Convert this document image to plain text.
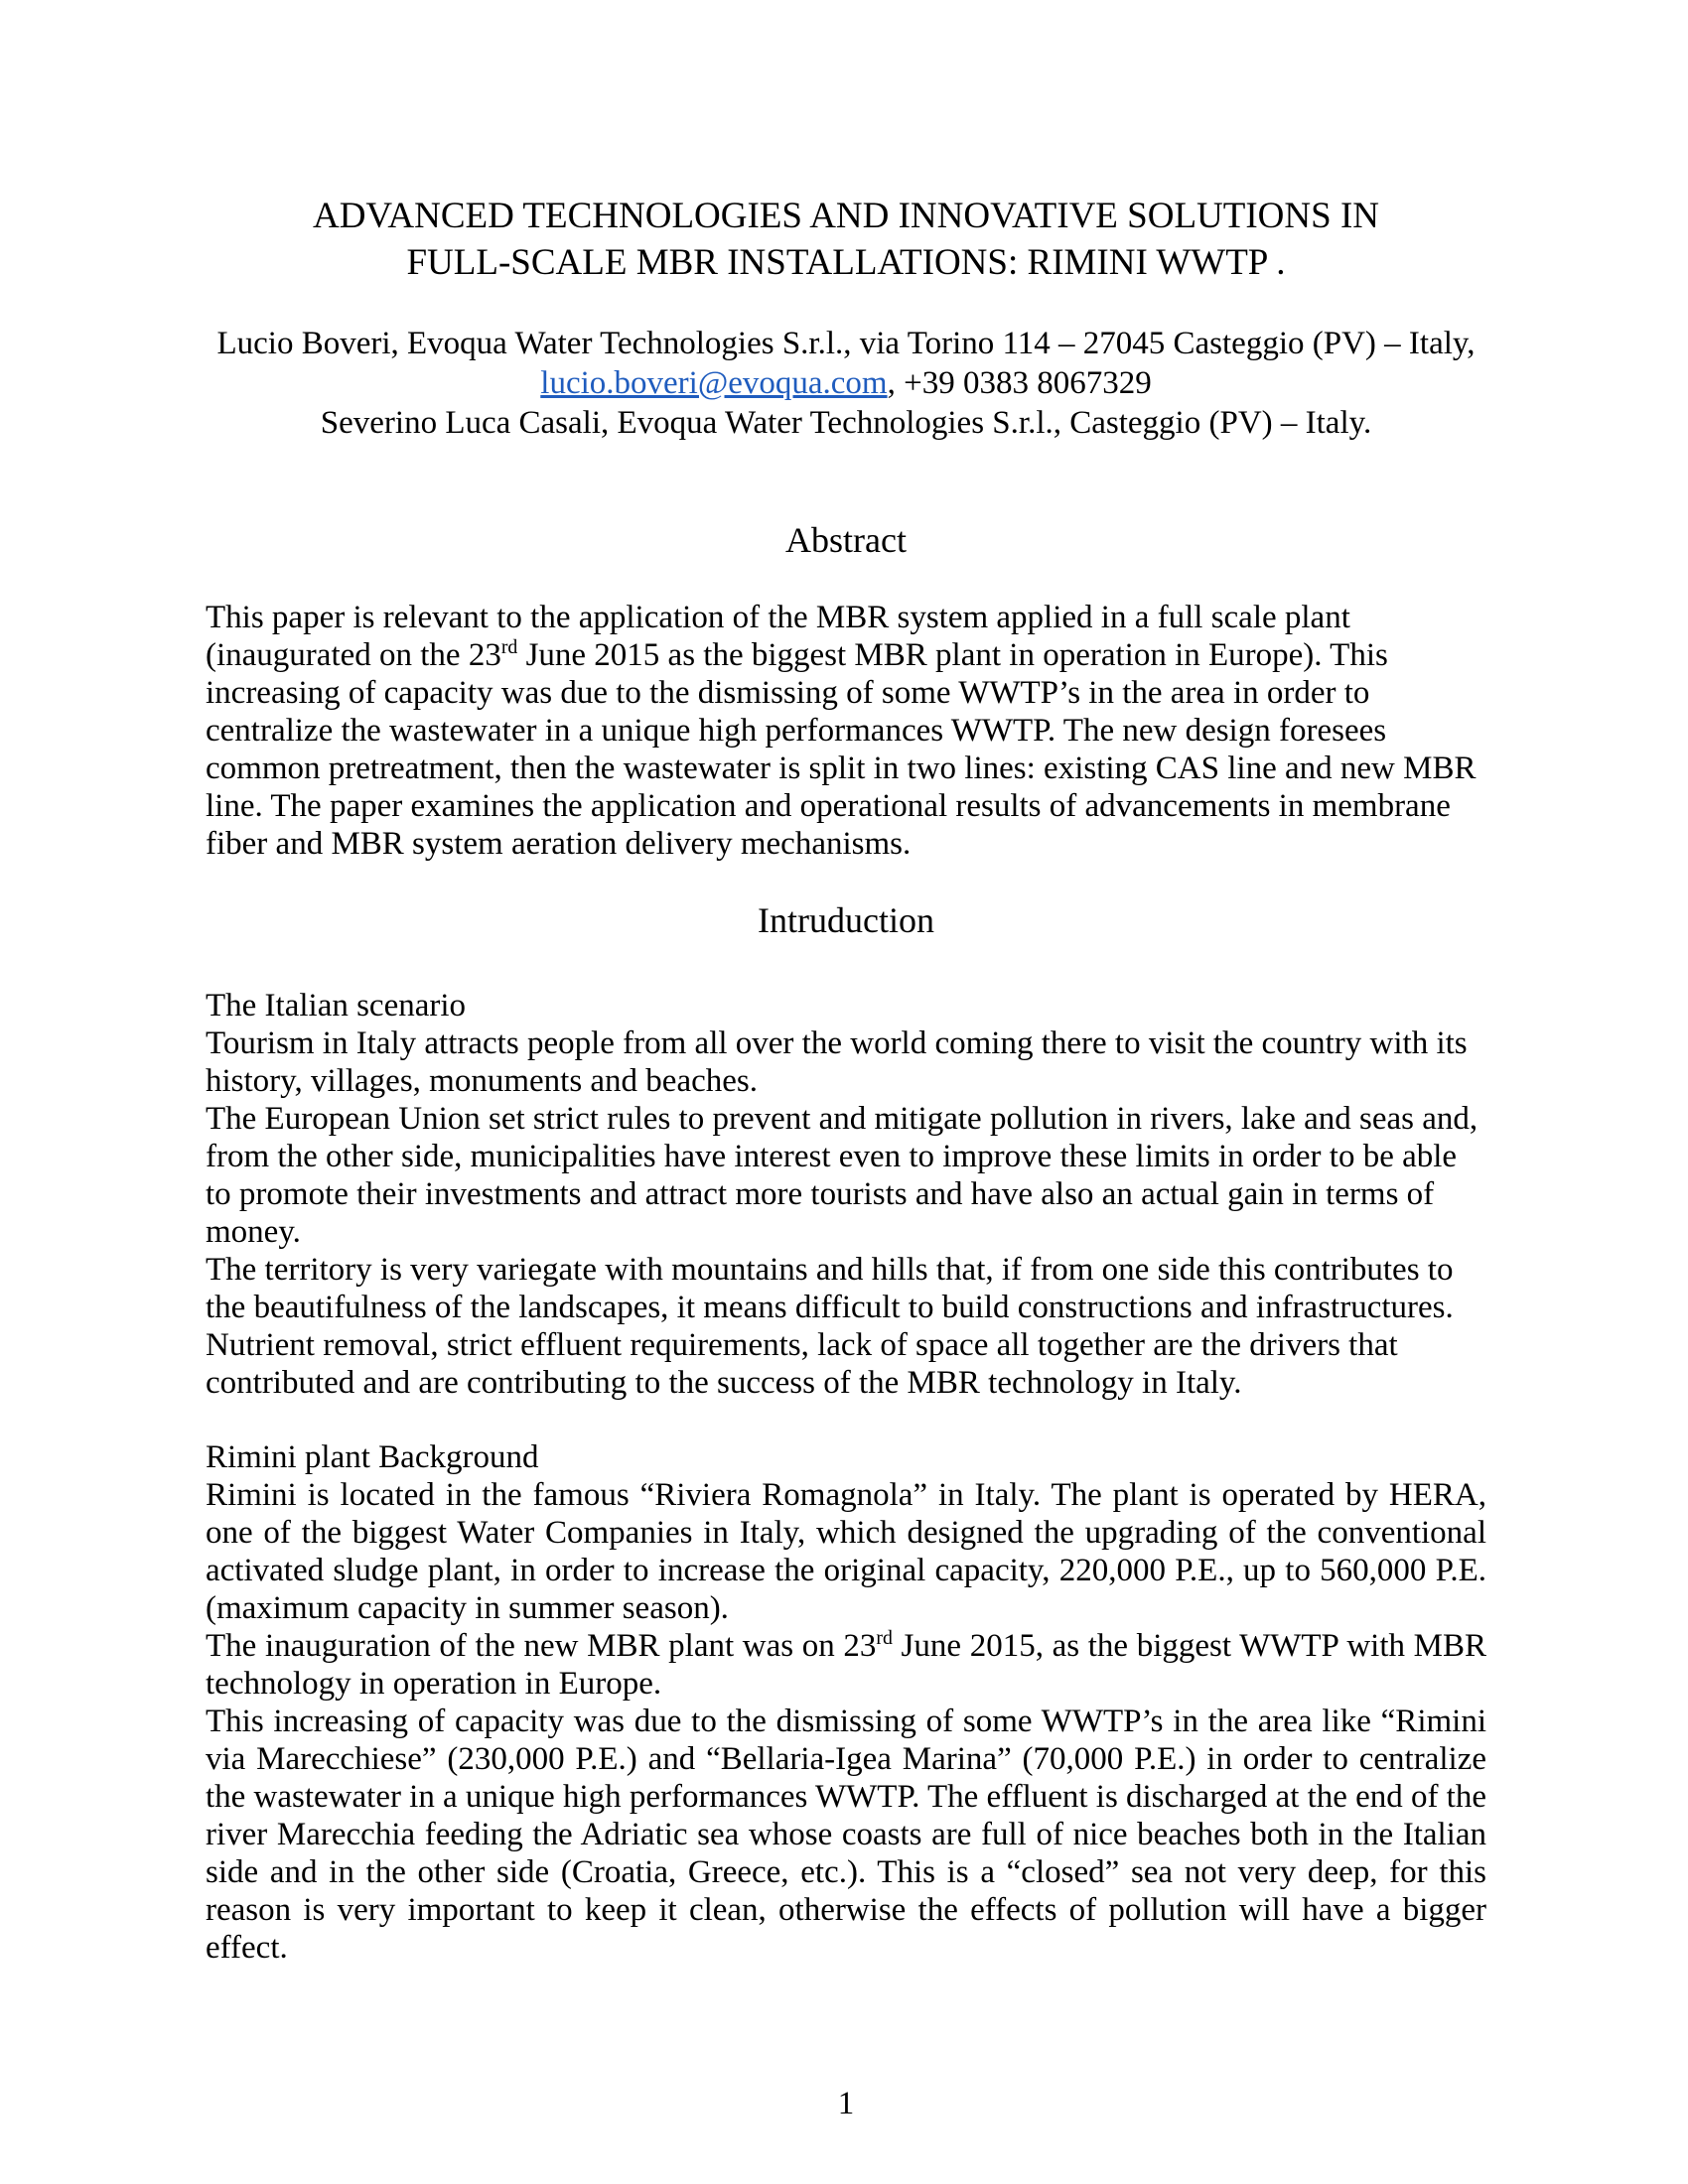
ADVANCED TECHNOLOGIES AND INNOVATIVE SOLUTIONS IN
FULL-SCALE MBR INSTALLATIONS: RIMINI WWTP .
Lucio Boveri, Evoqua Water Technologies S.r.l., via Torino 114 – 27045 Casteggio (PV) – Italy,
lucio.boveri@evoqua.com, +39 0383 8067329
Severino Luca Casali, Evoqua Water Technologies S.r.l., Casteggio (PV) – Italy.
Abstract
This paper is relevant to the application of the MBR system applied in a full scale plant
(inaugurated on the 23rd June 2015 as the biggest MBR plant in operation in Europe). This
increasing of capacity was due to the dismissing of some WWTP’s in the area in order to
centralize the wastewater in a unique high performances WWTP. The new design foresees
common pretreatment, then the wastewater is split in two lines: existing CAS line and new MBR
line. The paper examines the application and operational results of advancements in membrane
fiber and MBR system aeration delivery mechanisms.
Intruduction
The Italian scenario
Tourism in Italy attracts people from all over the world coming there to visit the country with its
history, villages, monuments and beaches.
The European Union set strict rules to prevent and mitigate pollution in rivers, lake and seas and,
from the other side, municipalities have interest even to improve these limits in order to be able
to promote their investments and attract more tourists and have also an actual gain in terms of
money.
The territory is very variegate with mountains and hills that, if from one side this contributes to
the beautifulness of the landscapes, it means difficult to build constructions and infrastructures.
Nutrient removal, strict effluent requirements, lack of space all together are the drivers that
contributed and are contributing to the success of the MBR technology in Italy.
Rimini plant Background
Rimini is located in the famous “Riviera Romagnola” in Italy. The plant is operated by HERA,
one of the biggest Water Companies in Italy, which designed the upgrading of the conventional
activated sludge plant, in order to increase the original capacity, 220,000 P.E., up to 560,000 P.E.
(maximum capacity in summer season).
The inauguration of the new MBR plant was on 23rd June 2015, as the biggest WWTP with MBR
technology in operation in Europe.
This increasing of capacity was due to the dismissing of some WWTP’s in the area like “Rimini
via Marecchiese” (230,000 P.E.) and “Bellaria-Igea Marina” (70,000 P.E.) in order to centralize
the wastewater in a unique high performances WWTP. The effluent is discharged at the end of the
river Marecchia feeding the Adriatic sea whose coasts are full of nice beaches both in the Italian
side and in the other side (Croatia, Greece, etc.). This is a “closed” sea not very deep, for this
reason is very important to keep it clean, otherwise the effects of pollution will have a bigger effect.
1
